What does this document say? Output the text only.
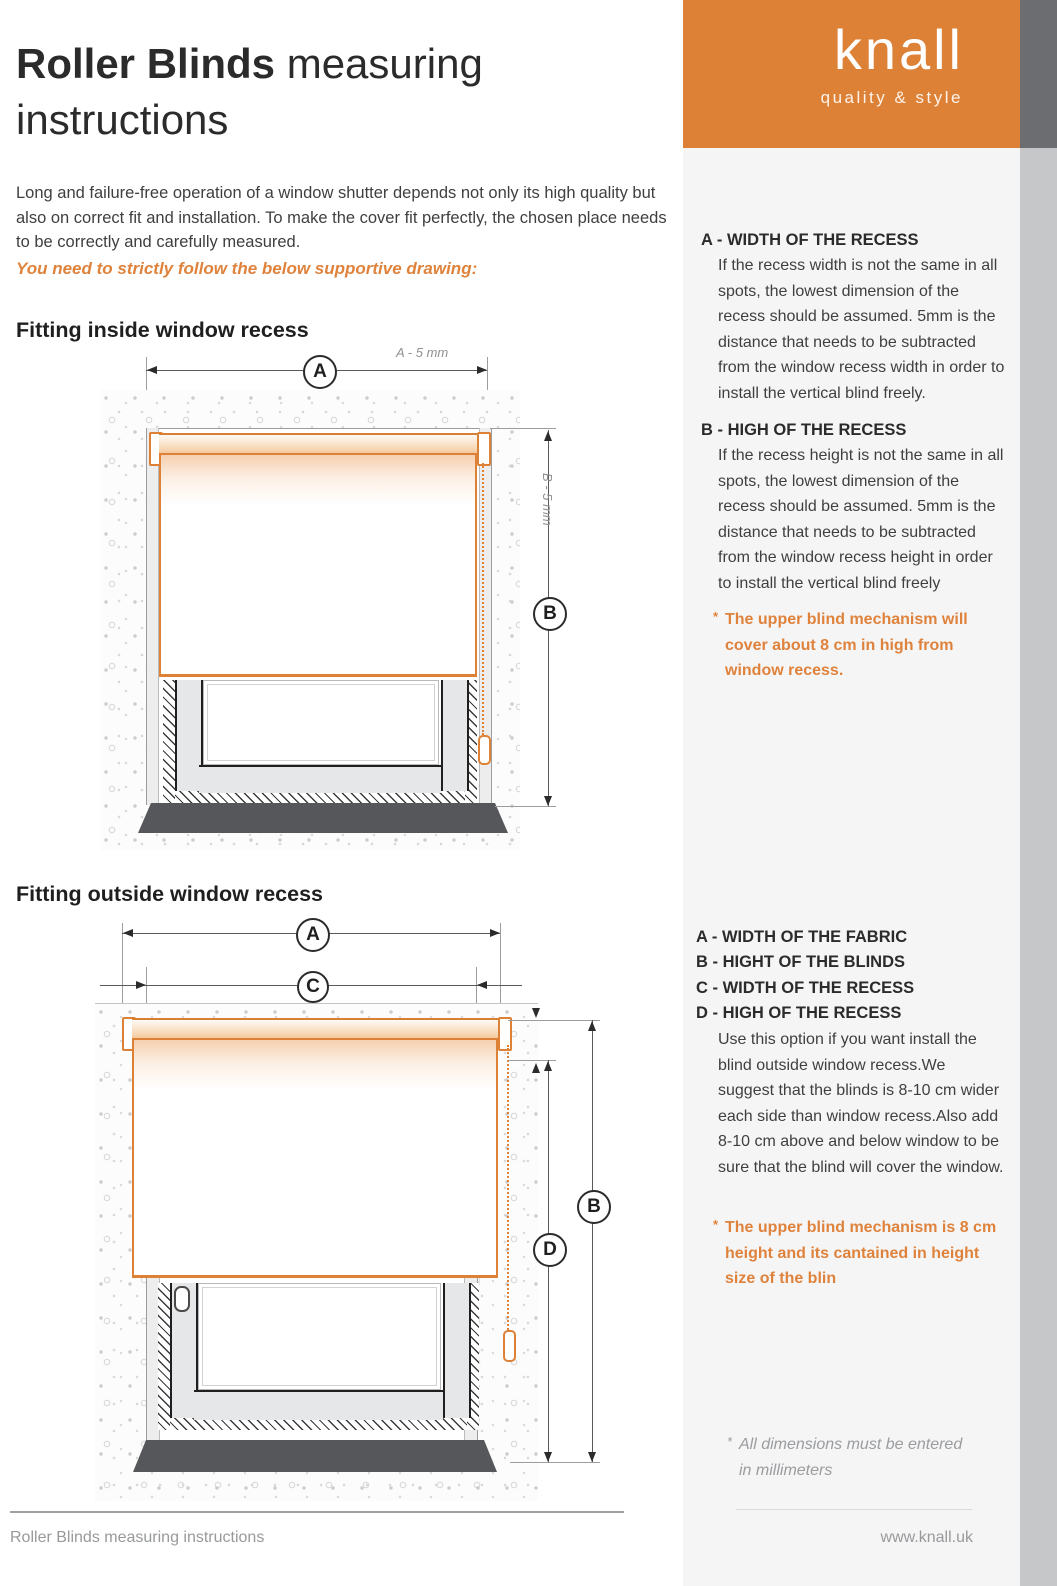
knall
quality & style
Roller Blinds measuring instructions
Long and failure-free operation of a window shutter depends not only its high quality but also on correct fit and installation. To make the cover fit perfectly, the chosen place needs to be correctly and carefully measured.
You need to strictly follow the below supportive drawing:
Fitting inside window recess
A - 5 mm
A
B - 5 mm
B
Fitting outside window recess
A
C
D
B
A - WIDTH OF THE RECESS
If the recess width is not the same in all spots, the lowest dimension of the recess should be assumed. 5mm is the distance that needs to be subtracted from the window recess width in order to install the vertical blind freely.
B - HIGH OF THE RECESS
If the recess height is not the same in all spots, the lowest dimension of the recess should be assumed. 5mm is the distance that needs to be subtracted from the window recess height in order to install the vertical blind freely
* The upper blind mechanism will cover about 8 cm in high from window recess.
A - WIDTH OF THE FABRIC
B - HIGHT OF THE BLINDS
C - WIDTH OF THE RECESS
D - HIGH OF THE RECESS
Use this option if you want install the blind outside window recess.We suggest that the blinds is 8-10 cm wider each side than window recess.Also add 8-10 cm above and below window to be sure that the blind will cover the window.
* The upper blind mechanism is 8 cm height and its cantained in height size of the blin
* All dimensions must be entered in millimeters
Roller Blinds measuring instructions	www.knall.uk
